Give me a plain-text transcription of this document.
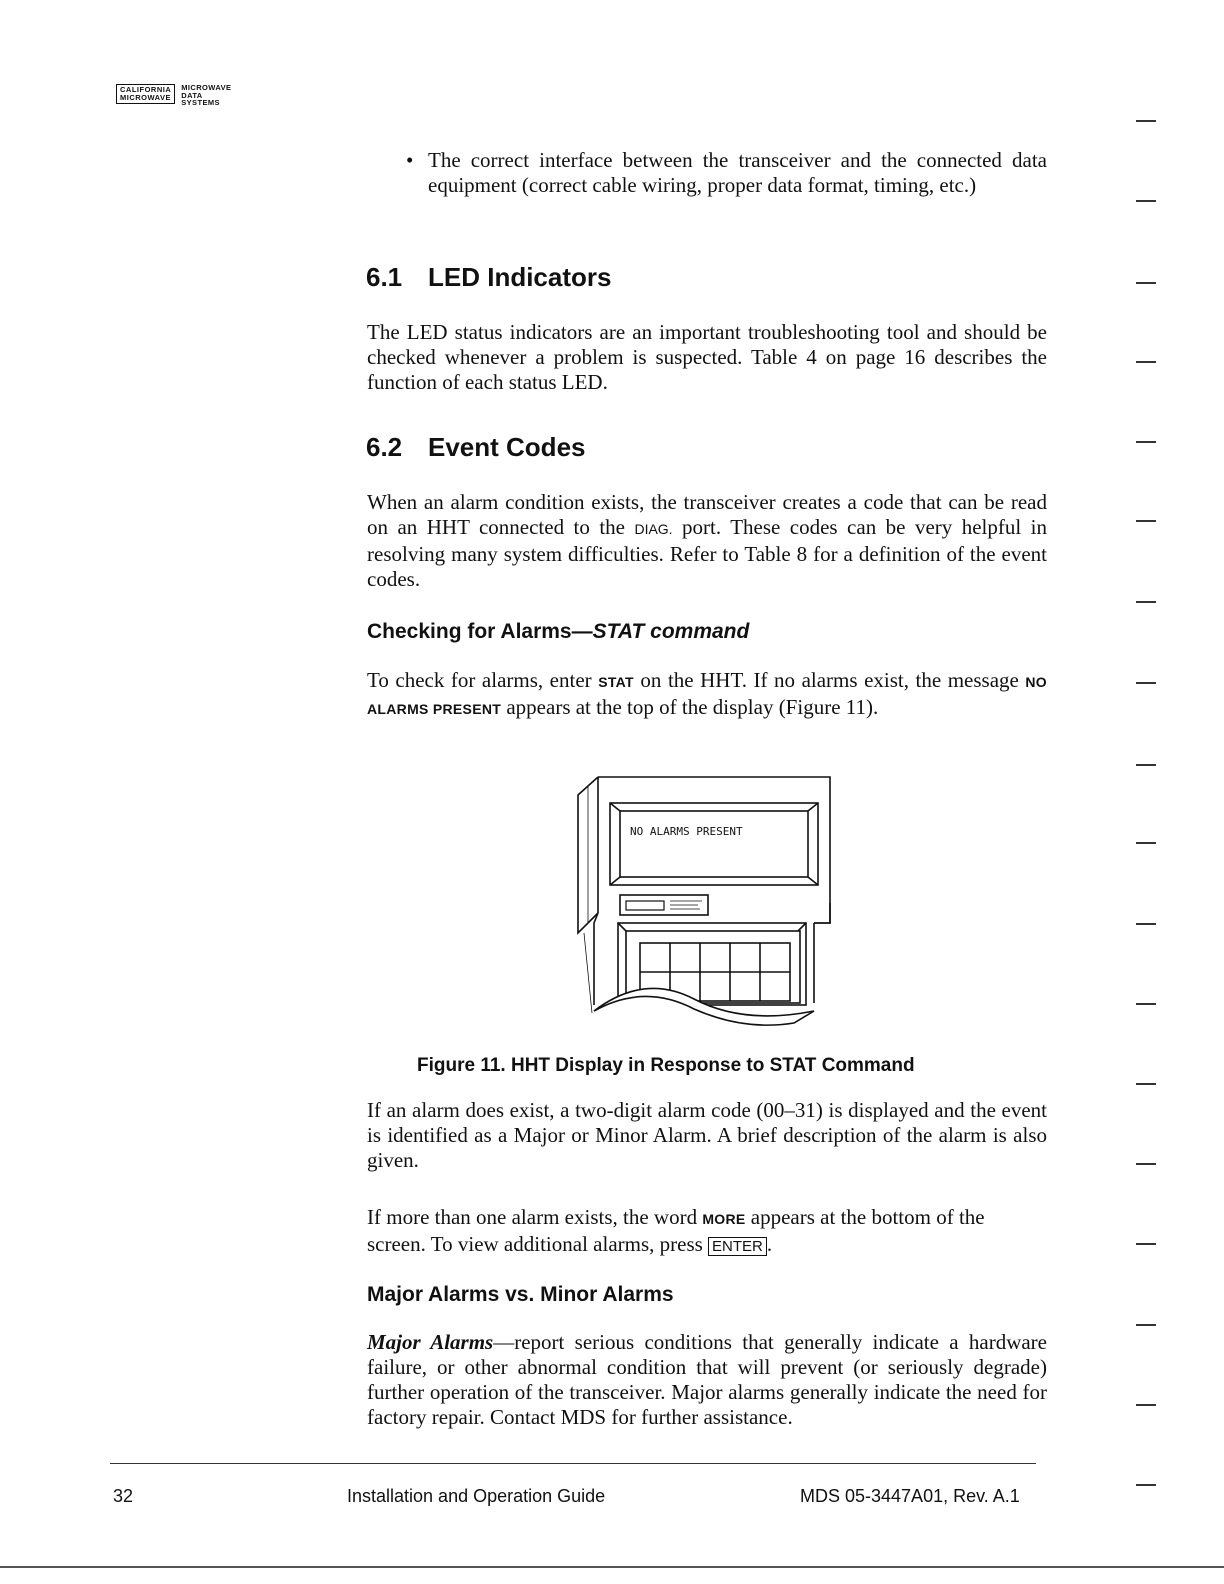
CALIFORNIA
MICROWAVE
MICROWAVE
DATA
SYSTEMS
• The correct interface between the transceiver and the connected data equipment (correct cable wiring, proper data format, timing, etc.)
6.1 LED Indicators

The LED status indicators are an important troubleshooting tool and should be checked whenever a problem is suspected. Table 4 on page 16 describes the function of each status LED.

6.2 Event Codes

When an alarm condition exists, the transceiver creates a code that can be read on an HHT connected to the DIAG. port. These codes can be very helpful in resolving many system difficulties. Refer to Table 8 for a definition of the event codes.

Checking for Alarms—STAT command

To check for alarms, enter STAT on the HHT. If no alarms exist, the message NO ALARMS PRESENT appears at the top of the display (Figure 11).

NO ALARMS PRESENT
Figure 11. HHT Display in Response to STAT Command

If an alarm does exist, a two-digit alarm code (00–31) is displayed and the event is identified as a Major or Minor Alarm. A brief description of the alarm is also given.

If more than one alarm exists, the word MORE appears at the bottom of the screen. To view additional alarms, press ENTER .

Major Alarms vs. Minor Alarms

Major Alarms—report serious conditions that generally indicate a hardware failure, or other abnormal condition that will prevent (or seriously degrade) further operation of the transceiver. Major alarms generally indicate the need for factory repair. Contact MDS for further assistance.

32	Installation and Operation Guide	MDS 05-3447A01, Rev. A.1
